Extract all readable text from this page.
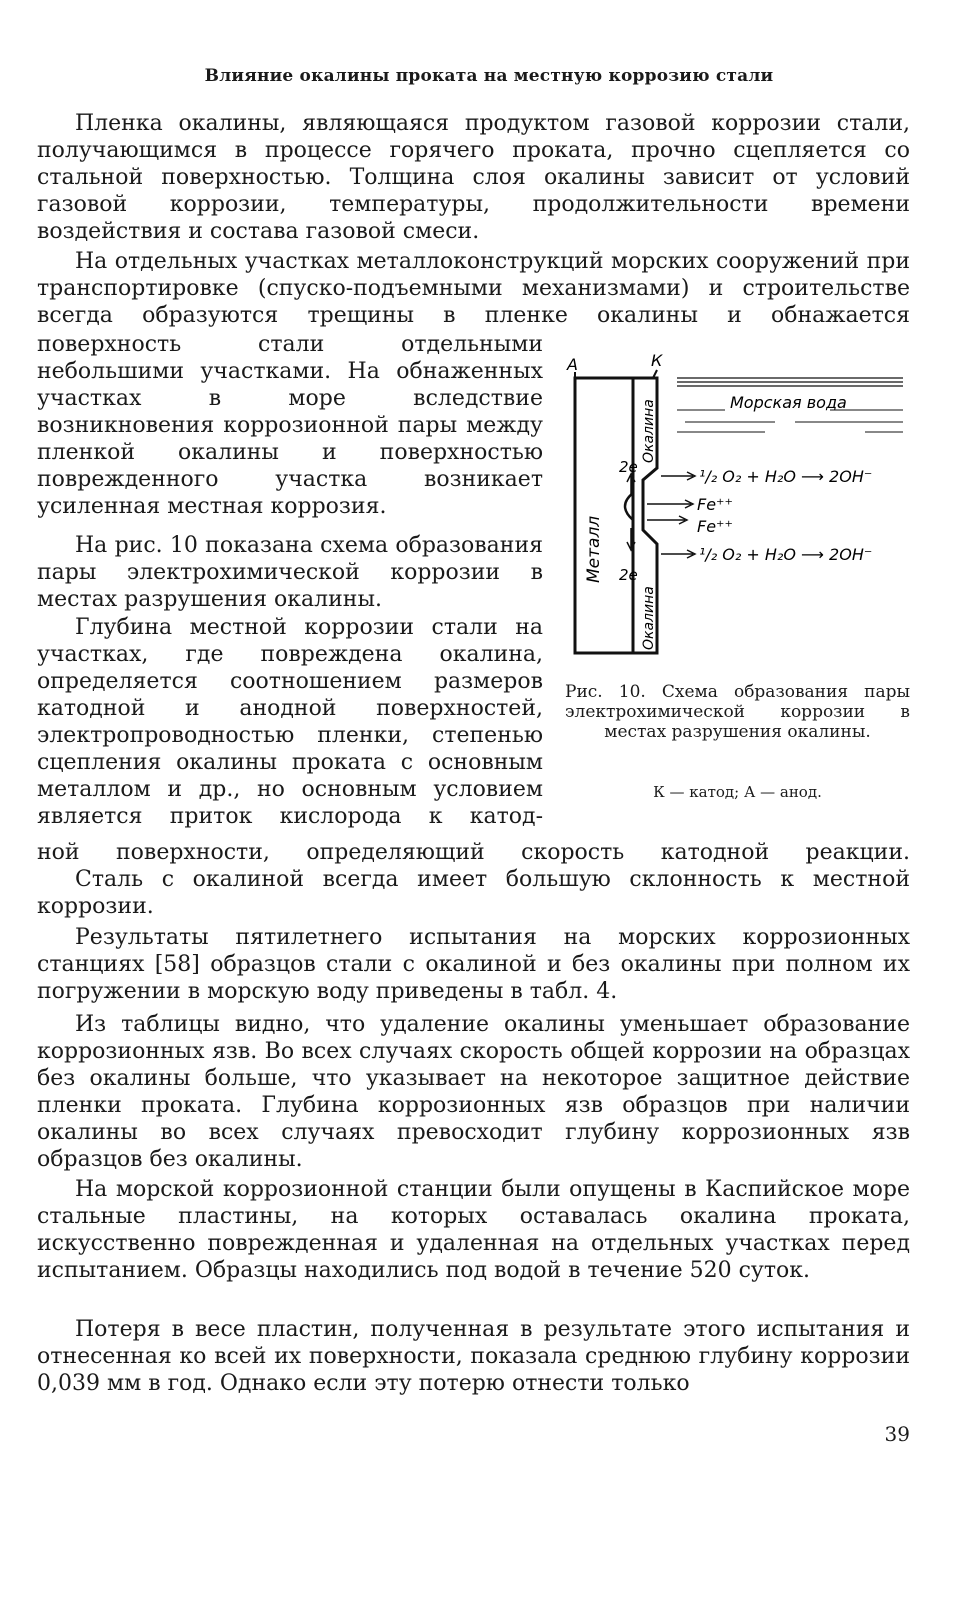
Влияние окалины проката на местную коррозию стали

Пленка окалины, являющаяся продуктом газовой коррозии стали, получающимся в процессе горячего проката, прочно сцепляется со стальной поверхностью. Толщина слоя окалины зависит от условий газовой коррозии, температуры, продолжительности времени воздействия и состава газовой смеси.

На отдельных участках металлоконструкций морских сооружений при транспортировке (спуско-подъемными механизмами) и строительстве всегда образуются трещины в пленке окалины и обнажается

поверхность стали отдельными небольшими участками. На обнаженных участках в море вследствие возникновения коррозионной пары между пленкой окалины и поверхностью поврежденного участка возникает усиленная местная коррозия.

На рис. 10 показана схема образования пары электрохимической коррозии в местах разрушения окалины.

Глубина местной коррозии стали на участках, где повреждена окалина, определяется соотношением размеров катодной и анодной поверхностей, электропроводностью пленки, степенью сцепления окалины проката с основным металлом и др., но основным условием является приток кислорода к катод-

ной поверхности, определяющий скорость катодной реакции.

Сталь с окалиной всегда имеет большую склонность к местной коррозии.

Результаты пятилетнего испытания на морских коррозионных станциях [58] образцов стали с окалиной и без окалины при полном их погружении в морскую воду приведены в табл. 4.

Из таблицы видно, что удаление окалины уменьшает образование коррозионных язв. Во всех случаях скорость общей коррозии на образцах без окалины больше, что указывает на некоторое защитное действие пленки проката. Глубина коррозионных язв образцов при наличии окалины во всех случаях превосходит глубину коррозионных язв образцов без окалины.

На морской коррозионной станции были опущены в Каспийское море стальные пластины, на которых оставалась окалина проката, искусственно поврежденная и удаленная на отдельных участках перед испытанием. Образцы находились под водой в течение 520 суток.

Потеря в весе пластин, полученная в результате этого испытания и отнесенная ко всей их поверхности, показала среднюю глубину коррозии 0,039 мм в год. Однако если эту потерю отнести только

А	К
Металл
Окалина
Окалина
Морская вода
2е
2е
¹/₂ O₂ + H₂O ⟶ 2OH⁻
Fe⁺⁺
Fe⁺⁺
¹/₂ O₂ + H₂O ⟶ 2OH⁻
Рис. 10. Схема образования пары электрохимической коррозии в местах разрушения окалины.
К — катод; А — анод.
39
